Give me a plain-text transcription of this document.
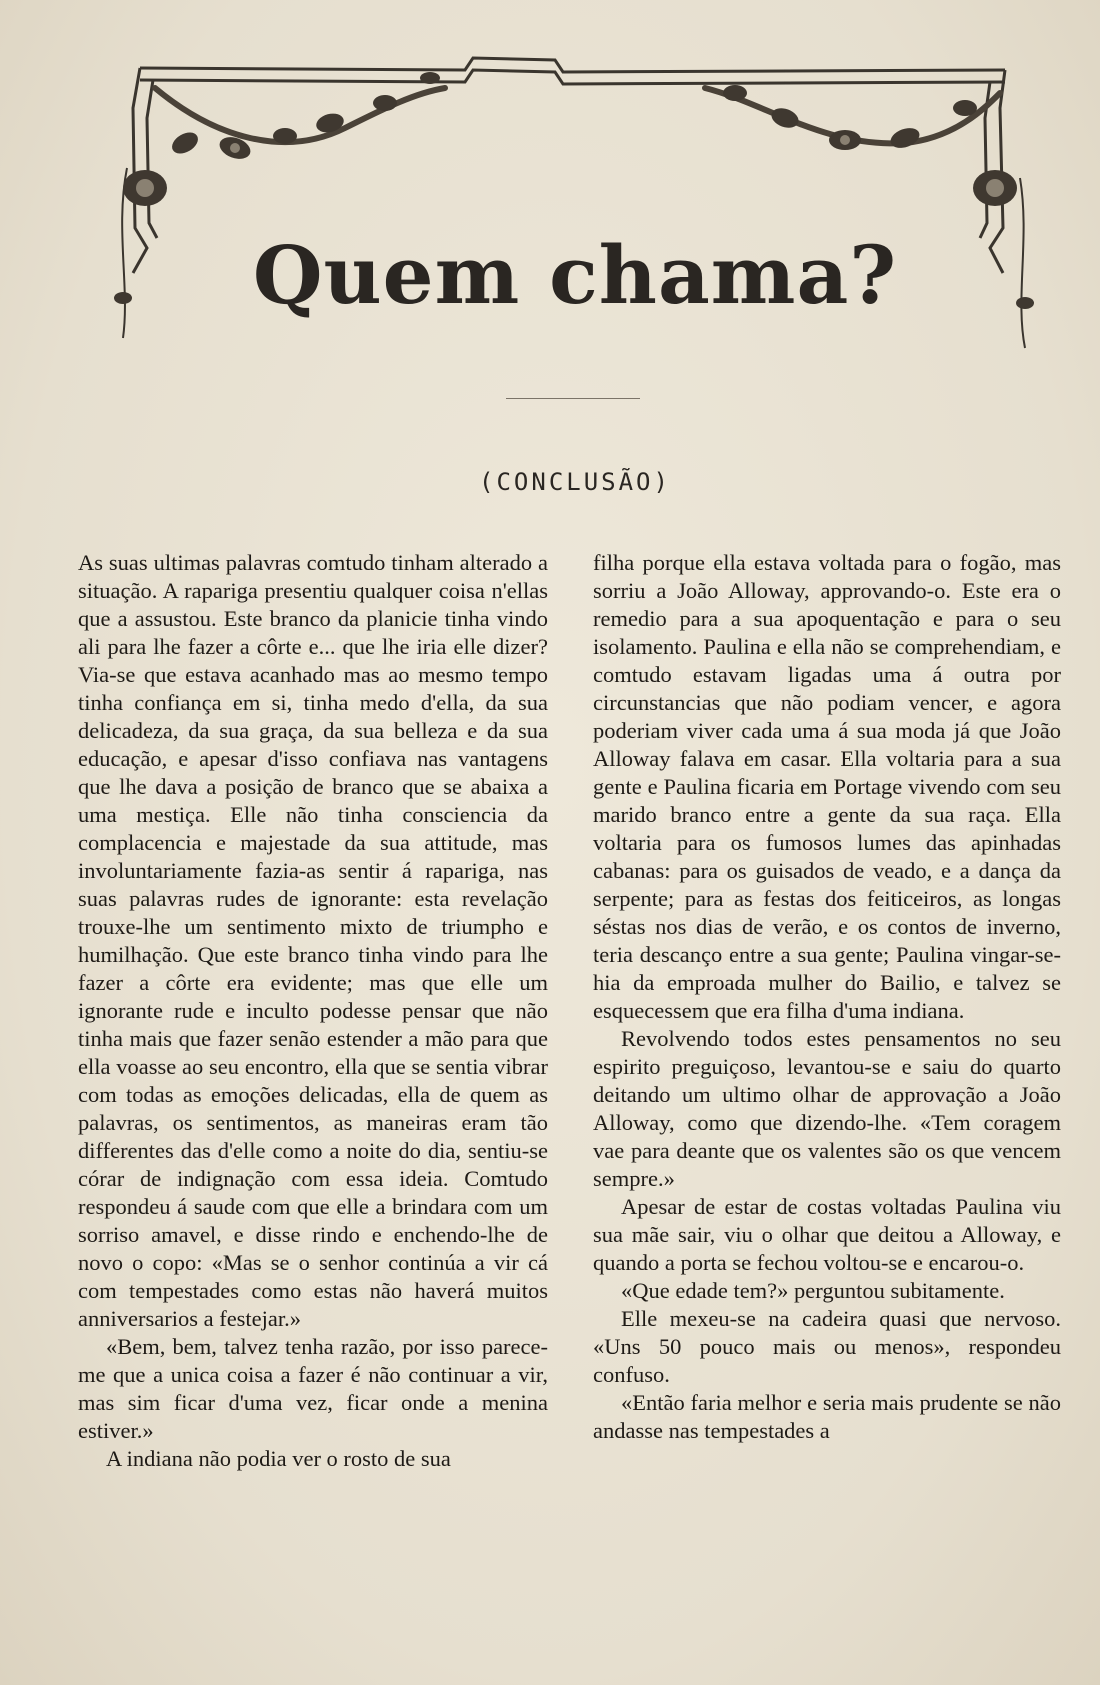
Quem chama?
(CONCLUSÃO)

As suas ultimas palavras comtudo tinham alterado a situação. A rapariga presentiu qualquer coisa n'ellas que a assustou. Este branco da planicie tinha vindo ali para lhe fazer a côrte e... que lhe iria elle dizer? Via-se que estava acanhado mas ao mesmo tempo tinha confiança em si, tinha medo d'ella, da sua delicadeza, da sua graça, da sua belleza e da sua educação, e apesar d'isso confiava nas vantagens que lhe dava a posição de branco que se abaixa a uma mestiça. Elle não tinha consciencia da complacencia e majestade da sua attitude, mas involuntariamente fazia-as sentir á rapariga, nas suas palavras rudes de ignorante: esta revelação trouxe-lhe um sentimento mixto de triumpho e humilhação. Que este branco tinha vindo para lhe fazer a côrte era evidente; mas que elle um ignorante rude e inculto podesse pensar que não tinha mais que fazer senão estender a mão para que ella voasse ao seu encontro, ella que se sentia vibrar com todas as emoções delicadas, ella de quem as palavras, os sentimentos, as maneiras eram tão differentes das d'elle como a noite do dia, sentiu-se córar de indignação com essa ideia. Comtudo respondeu á saude com que elle a brindara com um sorriso amavel, e disse rindo e enchendo-lhe de novo o copo: «Mas se o senhor continúa a vir cá com tempestades como estas não haverá muitos anniversarios a festejar.»

«Bem, bem, talvez tenha razão, por isso parece-me que a unica coisa a fazer é não continuar a vir, mas sim ficar d'uma vez, ficar onde a menina estiver.»

A indiana não podia ver o rosto de sua

filha porque ella estava voltada para o fogão, mas sorriu a João Alloway, approvando-o. Este era o remedio para a sua apoquentação e para o seu isolamento. Paulina e ella não se comprehendiam, e comtudo estavam ligadas uma á outra por circunstancias que não podiam vencer, e agora poderiam viver cada uma á sua moda já que João Alloway falava em casar. Ella voltaria para a sua gente e Paulina ficaria em Portage vivendo com seu marido branco entre a gente da sua raça. Ella voltaria para os fumosos lumes das apinhadas cabanas: para os guisados de veado, e a dança da serpente; para as festas dos feiticeiros, as longas séstas nos dias de verão, e os contos de inverno, teria descanço entre a sua gente; Paulina vingar-se-hia da emproada mulher do Bailio, e talvez se esquecessem que era filha d'uma indiana.

Revolvendo todos estes pensamentos no seu espirito preguiçoso, levantou-se e saiu do quarto deitando um ultimo olhar de approvação a João Alloway, como que dizendo-lhe. «Tem coragem vae para deante que os valentes são os que vencem sempre.»

Apesar de estar de costas voltadas Paulina viu sua mãe sair, viu o olhar que deitou a Alloway, e quando a porta se fechou voltou-se e encarou-o.

«Que edade tem?» perguntou subitamente.

Elle mexeu-se na cadeira quasi que nervoso. «Uns 50 pouco mais ou menos», respondeu confuso.

«Então faria melhor e seria mais prudente se não andasse nas tempestades a
